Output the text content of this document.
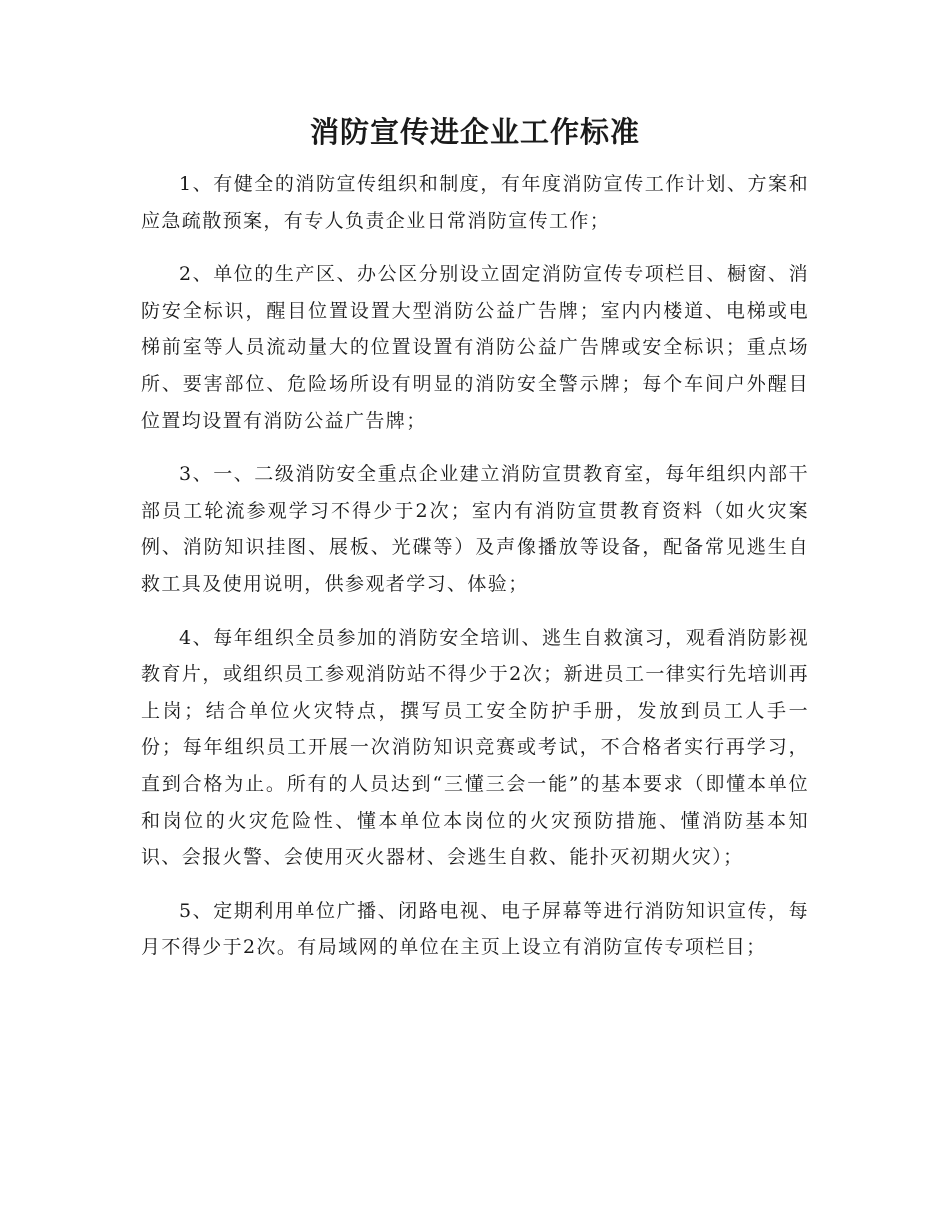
消防宣传进企业工作标准

1、有健全的消防宣传组织和制度，有年度消防宣传工作计划、方案和应急疏散预案，有专人负责企业日常消防宣传工作；

2、单位的生产区、办公区分别设立固定消防宣传专项栏目、橱窗、消防安全标识，醒目位置设置大型消防公益广告牌；室内内楼道、电梯或电梯前室等人员流动量大的位置设置有消防公益广告牌或安全标识；重点场所、要害部位、危险场所设有明显的消防安全警示牌；每个车间户外醒目位置均设置有消防公益广告牌；

3、一、二级消防安全重点企业建立消防宣贯教育室，每年组织内部干部员工轮流参观学习不得少于2次；室内有消防宣贯教育资料（如火灾案例、消防知识挂图、展板、光碟等）及声像播放等设备，配备常见逃生自救工具及使用说明，供参观者学习、体验；

4、每年组织全员参加的消防安全培训、逃生自救演习，观看消防影视教育片，或组织员工参观消防站不得少于2次；新进员工一律实行先培训再上岗；结合单位火灾特点，撰写员工安全防护手册，发放到员工人手一份；每年组织员工开展一次消防知识竞赛或考试，不合格者实行再学习，直到合格为止。所有的人员达到“三懂三会一能”的基本要求（即懂本单位和岗位的火灾危险性、懂本单位本岗位的火灾预防措施、懂消防基本知识、会报火警、会使用灭火器材、会逃生自救、能扑灭初期火灾）；

5、定期利用单位广播、闭路电视、电子屏幕等进行消防知识宣传，每月不得少于2次。有局域网的单位在主页上设立有消防宣传专项栏目；
